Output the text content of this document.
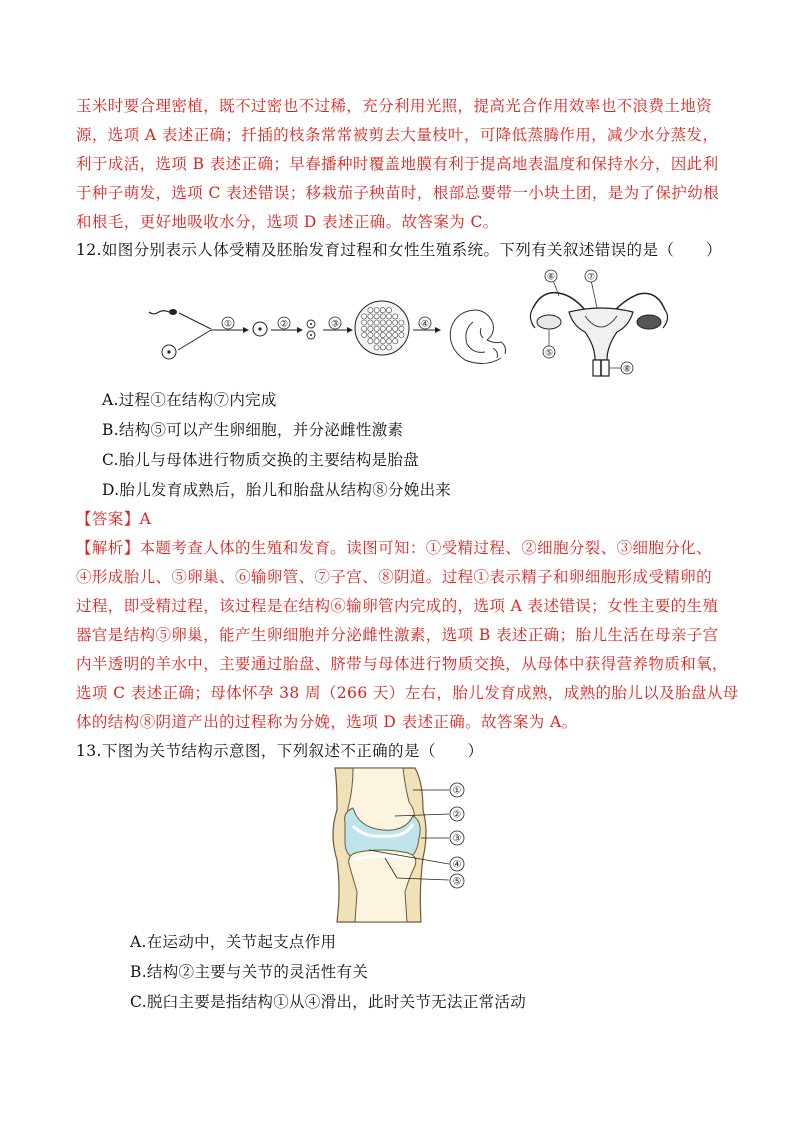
玉米时要合理密植，既不过密也不过稀，充分利用光照，提高光合作用效率也不浪费土地资
源，选项 A 表述正确；扦插的枝条常常被剪去大量枝叶，可降低蒸腾作用，减少水分蒸发，
利于成活，选项 B 表述正确；早春播种时覆盖地膜有利于提高地表温度和保持水分，因此利
于种子萌发，选项 C 表述错误；移栽茄子秧苗时，根部总要带一小块土团，是为了保护幼根
和根毛，更好地吸收水分，选项 D 表述正确。故答案为 C。
12.如图分别表示人体受精及胚胎发育过程和女性生殖系统。下列有关叙述错误的是（　　）
①	②	③	④
⑥	⑦
⑤
⑧
A.过程①在结构⑦内完成
B.结构⑤可以产生卵细胞，并分泌雌性激素
C.胎儿与母体进行物质交换的主要结构是胎盘
D.胎儿发育成熟后，胎儿和胎盘从结构⑧分娩出来
【答案】A
【解析】本题考查人体的生殖和发育。读图可知：①受精过程、②细胞分裂、③细胞分化、
④形成胎儿、⑤卵巢、⑥输卵管、⑦子宫、⑧阴道。过程①表示精子和卵细胞形成受精卵的
过程，即受精过程，该过程是在结构⑥输卵管内完成的，选项 A 表述错误；女性主要的生殖
器官是结构⑤卵巢，能产生卵细胞并分泌雌性激素，选项 B 表述正确；胎儿生活在母亲子宫
内半透明的羊水中，主要通过胎盘、脐带与母体进行物质交换，从母体中获得营养物质和氧，
选项 C 表述正确；母体怀孕 38 周（266 天）左右，胎儿发育成熟，成熟的胎儿以及胎盘从母
体的结构⑧阴道产出的过程称为分娩，选项 D 表述正确。故答案为 A。
13.下图为关节结构示意图，下列叙述不正确的是（　　）
①
②
③
④
⑤
A.在运动中，关节起支点作用
B.结构②主要与关节的灵活性有关
C.脱臼主要是指结构①从④滑出，此时关节无法正常活动
